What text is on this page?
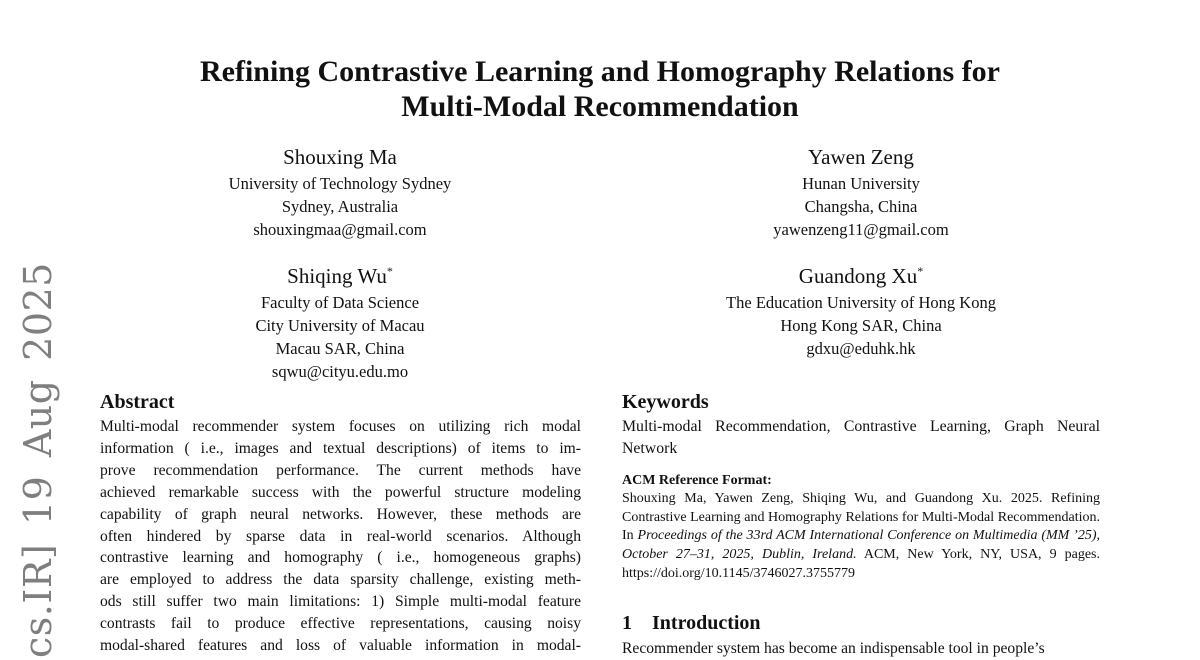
cs.IR] 19 Aug 2025
Refining Contrastive Learning and Homography Relations for
Multi-Modal Recommendation
Shouxing Ma
University of Technology Sydney
Sydney, Australia
shouxingmaa@gmail.com
Yawen Zeng
Hunan University
Changsha, China
yawenzeng11@gmail.com
Shiqing Wu*
Faculty of Data Science
City University of Macau
Macau SAR, China
sqwu@cityu.edu.mo
Guandong Xu*
The Education University of Hong Kong
Hong Kong SAR, China
gdxu@eduhk.hk
Abstract
Multi-modal recommender system focuses on utilizing rich modal
information ( i.e., images and textual descriptions) of items to im-
prove recommendation performance. The current methods have
achieved remarkable success with the powerful structure modeling
capability of graph neural networks. However, these methods are
often hindered by sparse data in real-world scenarios. Although
contrastive learning and homography ( i.e., homogeneous graphs)
are employed to address the data sparsity challenge, existing meth-
ods still suffer two main limitations: 1) Simple multi-modal feature
contrasts fail to produce effective representations, causing noisy
modal-shared features and loss of valuable information in modal-
Keywords
Multi-modal Recommendation, Contrastive Learning, Graph Neural Network
ACM Reference Format:
Shouxing Ma, Yawen Zeng, Shiqing Wu, and Guandong Xu. 2025. Refining Contrastive Learning and Homography Relations for Multi-Modal Recommendation. In Proceedings of the 33rd ACM International Conference on Multimedia (MM ’25), October 27–31, 2025, Dublin, Ireland. ACM, New York, NY, USA, 9 pages. https://doi.org/10.1145/3746027.3755779
1 Introduction
Recommender system has become an indispensable tool in people’s
